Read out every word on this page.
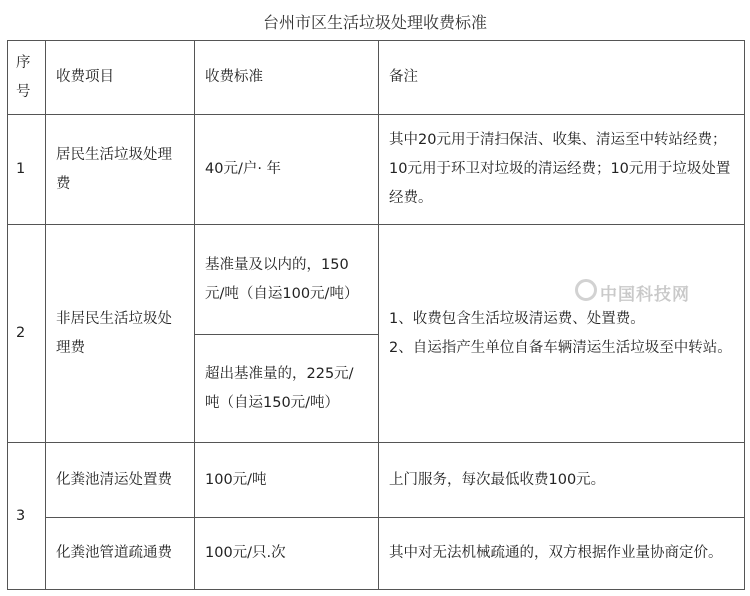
台州市区生活垃圾处理收费标准
序号	收费项目	收费标准	备注
1	居民生活垃圾处理费	40元/户· 年	其中20元用于清扫保洁、收集、清运至中转站经费；10元用于环卫对垃圾的清运经费；10元用于垃圾处置经费。
2	非居民生活垃圾处理费	基准量及以内的，150元/吨（自运100元/吨）	1、收费包含生活垃圾清运费、处置费。
2、自运指产生单位自备车辆清运生活垃圾至中转站。

		超出基准量的，225元/吨（自运150元/吨）	
3	化粪池清运处置费	100元/吨	上门服务，每次最低收费100元。
	化粪池管道疏通费	100元/只.次	其中对无法机械疏通的，双方根据作业量协商定价。
中国科技网
